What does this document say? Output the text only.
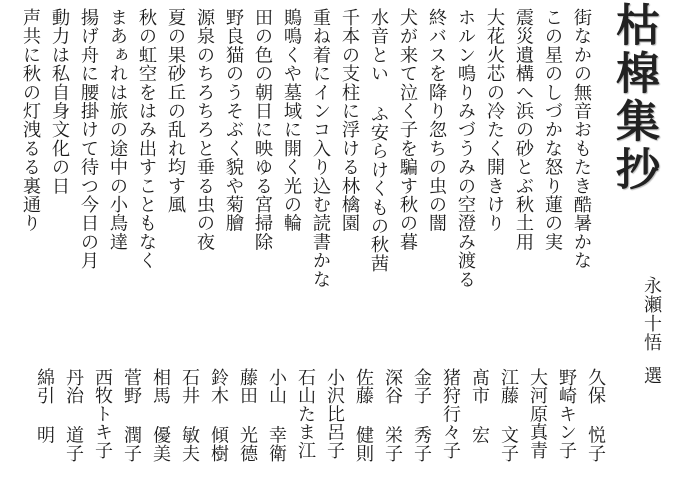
枯槹集抄
永瀬十悟選

街なかの無音おもたき酷暑かな

この星のしづかな怒り蓮の実

震災遺構へ浜の砂とぶ秋土用

大花火芯の冷たく開きけり

ホルン鳴りみづうみの空澄み渡る

終バスを降り忽ちの虫の闇

犬が来て泣く子を騙す秋の暮

水音とい ふ安らけくもの秋茜

千本の支柱に浮ける林檎園

重ね着にインコ入り込む読書かな

鵙鳴くや墓域に開く光の輪

田の色の朝日に映ゆる宮掃除

野良猫のうそぶく貌や菊膾

源泉のちろちろと垂る虫の夜

夏の果砂丘の乱れ均す風

秋の虹空をはみ出すこともなく

まあぁれは旅の途中の小鳥達

揚げ舟に腰掛けて待つ今日の月

動力は私自身文化の日

声共に秋の灯洩るる裏通り

久保 悦子

野崎キン子

大河原真青

江藤 文子

髙市 宏

猪狩行々子

金子 秀子

深谷 栄子

佐藤 健則

小沢比呂子

石山たま江

小山 幸衛

藤田 光德

鈴木 傾樹

石井 敏夫

相馬 優美

菅野 潤子

西牧トキ子

丹治 道子

綿引 明
